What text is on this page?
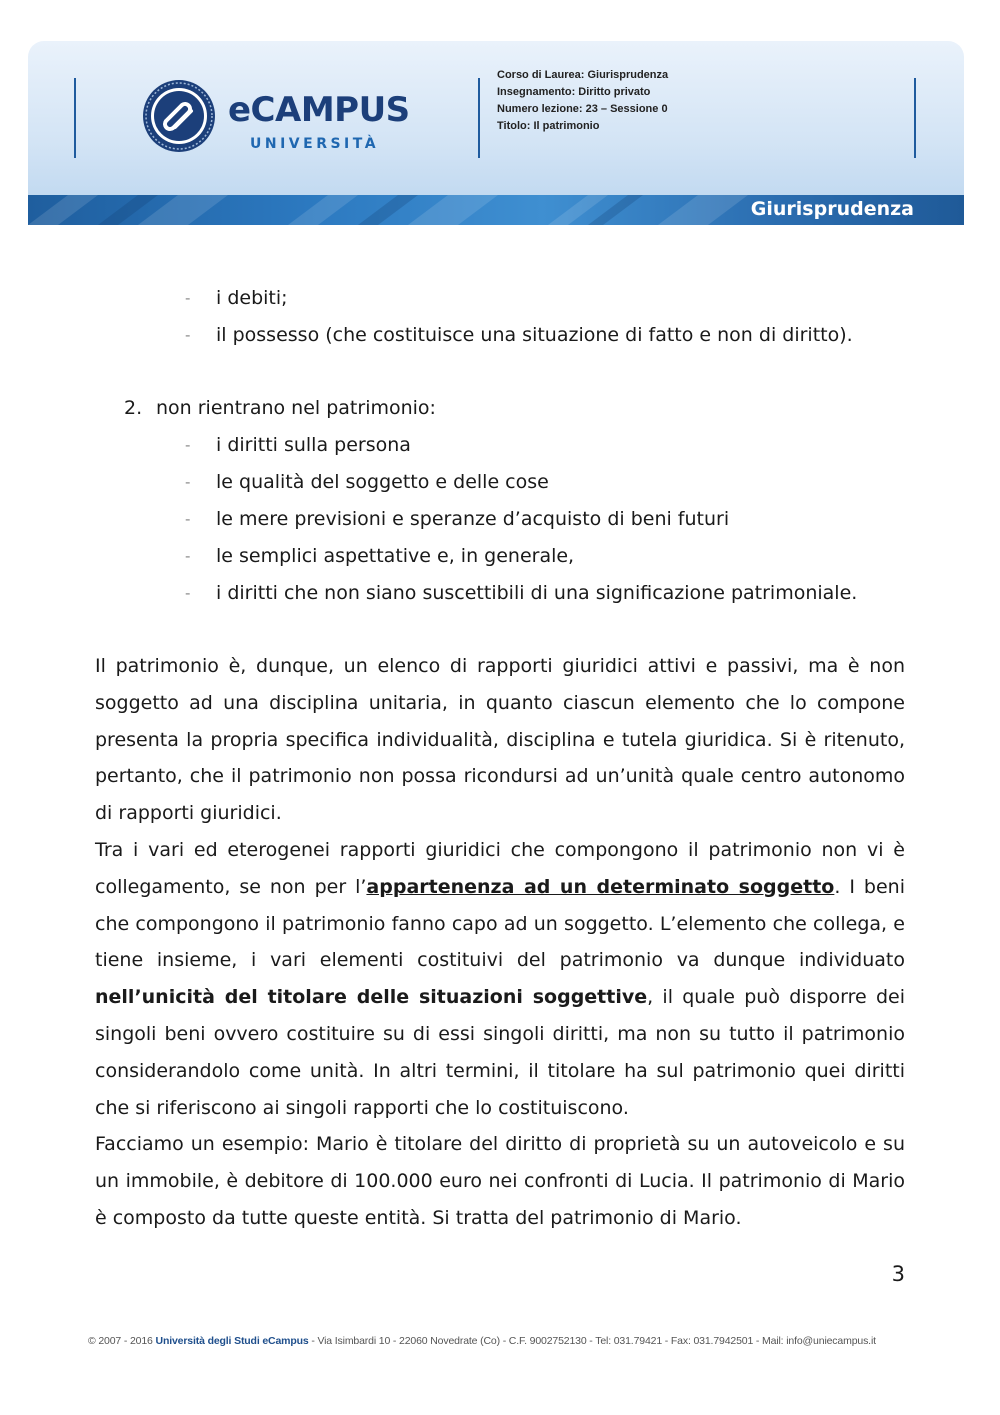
eCAMPUS
UNIVERSITÀ
Corso di Laurea: Giurisprudenza
Insegnamento: Diritto privato
Numero lezione: 23 – Sessione 0
Titolo: Il patrimonio
Giurisprudenza
- i debiti;
- il possesso (che costituisce una situazione di fatto e non di diritto).
2. non rientrano nel patrimonio:
- i diritti sulla persona
- le qualità del soggetto e delle cose
- le mere previsioni e speranze d’acquisto di beni futuri
- le semplici aspettative e, in generale,
- i diritti che non siano suscettibili di una significazione patrimoniale.

Il patrimonio è, dunque, un elenco di rapporti giuridici attivi e passivi, ma è non soggetto ad una disciplina unitaria, in quanto ciascun elemento che lo compone presenta la propria specifica individualità, disciplina e tutela giuridica. Si è ritenuto, pertanto, che il patrimonio non possa ricondursi ad un’unità quale centro autonomo di rapporti giuridici.

Tra i vari ed eterogenei rapporti giuridici che compongono il patrimonio non vi è collegamento, se non per l’appartenenza ad un determinato soggetto. I beni che compongono il patrimonio fanno capo ad un soggetto. L’elemento che collega, e tiene insieme, i vari elementi costituivi del patrimonio va dunque individuato nell’unicità del titolare delle situazioni soggettive, il quale può disporre dei singoli beni ovvero costituire su di essi singoli diritti, ma non su tutto il patrimonio considerandolo come unità. In altri termini, il titolare ha sul patrimonio quei diritti che si riferiscono ai singoli rapporti che lo costituiscono.

Facciamo un esempio: Mario è titolare del diritto di proprietà su un autoveicolo e su un immobile, è debitore di 100.000 euro nei confronti di Lucia. Il patrimonio di Mario è composto da tutte queste entità. Si tratta del patrimonio di Mario.

3
© 2007 - 2016 Università degli Studi eCampus - Via Isimbardi 10 - 22060 Novedrate (Co) - C.F. 9002752130 - Tel: 031.79421 - Fax: 031.7942501 - Mail: info@uniecampus.it
